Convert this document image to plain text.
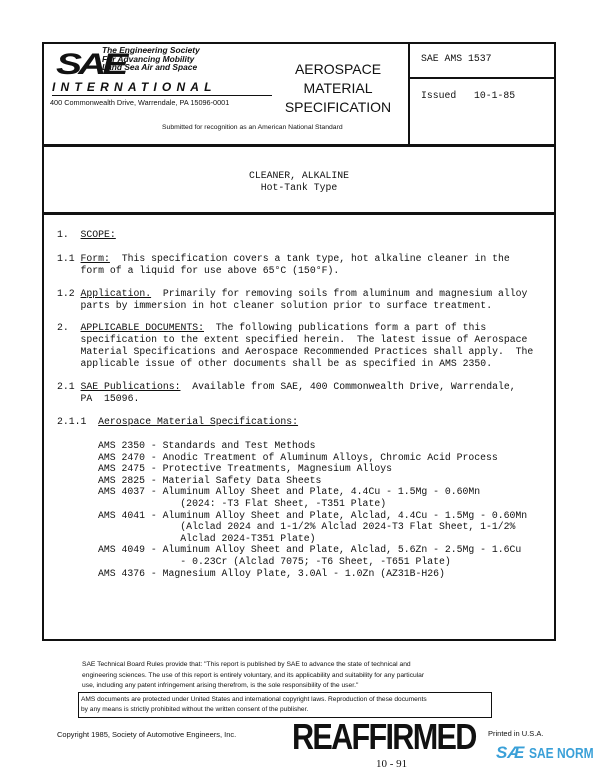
SAE
The Engineering Society
For Advancing Mobility
Land Sea Air and Space
INTERNATIONAL
400 Commonwealth Drive, Warrendale, PA 15096-0001
AEROSPACE
MATERIAL
SPECIFICATION
Submitted for recognition as an American National Standard
SAE AMS 1537
Issued 10-1-85
CLEANER, ALKALINE
Hot-Tank Type
1. SCOPE:
1.1 Form:  This specification covers a tank type, hot alkaline cleaner in the
form of a liquid for use above 65°C (150°F).
1.2 Application.  Primarily for removing soils from aluminum and magnesium alloy
parts by immersion in hot cleaner solution prior to surface treatment.
2. APPLICABLE DOCUMENTS:  The following publications form a part of this
specification to the extent specified herein.  The latest issue of Aerospace
Material Specifications and Aerospace Recommended Practices shall apply.  The
applicable issue of other documents shall be as specified in AMS 2350.
2.1 SAE Publications:  Available from SAE, 400 Commonwealth Drive, Warrendale,
PA  15096.
2.1.1 Aerospace Material Specifications:
AMS 2350 - Standards and Test Methods
AMS 2470 - Anodic Treatment of Aluminum Alloys, Chromic Acid Process
AMS 2475 - Protective Treatments, Magnesium Alloys
AMS 2825 - Material Safety Data Sheets
AMS 4037 - Aluminum Alloy Sheet and Plate, 4.4Cu - 1.5Mg - 0.60Mn
(2024: -T3 Flat Sheet, -T351 Plate)
AMS 4041 - Aluminum Alloy Sheet and Plate, Alclad, 4.4Cu - 1.5Mg - 0.60Mn
(Alclad 2024 and 1-1/2% Alclad 2024-T3 Flat Sheet, 1-1/2%
Alclad 2024-T351 Plate)
AMS 4049 - Aluminum Alloy Sheet and Plate, Alclad, 5.6Zn - 2.5Mg - 1.6Cu
- 0.23Cr (Alclad 7075; -T6 Sheet, -T651 Plate)
AMS 4376 - Magnesium Alloy Plate, 3.0Al - 1.0Zn (AZ31B-H26)
SAE Technical Board Rules provide that: "This report is published by SAE to advance the state of technical and
engineering sciences. The use of this report is entirely voluntary, and its applicability and suitability for any particular
use, including any patent infringement arising therefrom, is the sole responsibility of the user."
AMS documents are protected under United States and international copyright laws. Reproduction of these documents
by any means is strictly prohibited without the written consent of the publisher.
Copyright 1985, Society of Automotive Engineers, Inc. REAFFIRMED
10 - 91
Printed in U.S.A.
SÆ SAE NORM
